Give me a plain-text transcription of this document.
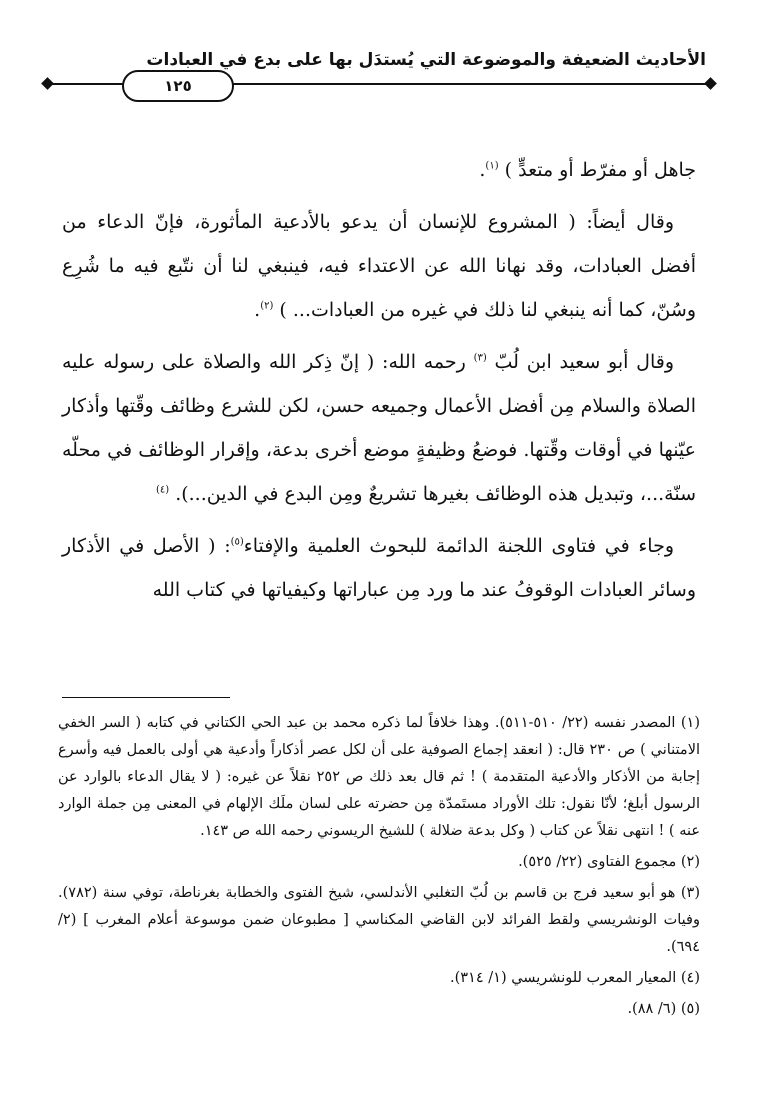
الأحاديث الضعيفة والموضوعة التي يُستدَل بها على بدع في العبادات
١٢٥

جاهل أو مفرّط أو متعدٍّ ) $^{(١)}$.

وقال أيضاً: ( المشروع للإنسان أن يدعو بالأدعية المأثورة، فإنّ الدعاء من أفضل العبادات، وقد نهانا الله عن الاعتداء فيه، فينبغي لنا أن نتّبع فيه ما شُرِع وسُنّ، كما أنه ينبغي لنا ذلك في غيره من العبادات... ) $^{(٢)}$.

وقال أبو سعيد ابن لُبّ $^{(٣)}$ رحمه الله: ( إنّ ذِكر الله والصلاة على رسوله عليه الصلاة والسلام مِن أفضل الأعمال وجميعه حسن، لكن للشرع وظائف وقّتها وأذكار عيّنها في أوقات وقّتها. فوضعُ وظيفةٍ موضع أخرى بدعة، وإقرار الوظائف في محلّه سنّة...، وتبديل هذه الوظائف بغيرها تشريعٌ ومِن البدع في الدين...). $^{(٤)}$

وجاء في فتاوى اللجنة الدائمة للبحوث العلمية والإفتاء$^{(٥)}$: ( الأصل في الأذكار وسائر العبادات الوقوفُ عند ما ورد مِن عباراتها وكيفياتها في كتاب الله

(١) المصدر نفسه (٢٢/ ٥١٠-٥١١). وهذا خلافاً لما ذكره محمد بن عبد الحي الكتاني في كتابه ( السر الخفي الامتناني ) ص ٢٣٠ قال: ( انعقد إجماع الصوفية على أن لكل عصر أذكاراً وأدعية هي أولى بالعمل فيه وأسرع إجابة من الأذكار والأدعية المتقدمة ) ! ثم قال بعد ذلك ص ٢٥٢ نقلاً عن غيره: ( لا يقال الدعاء بالوارد عن الرسول أبلغ؛ لأنّا نقول: تلك الأوراد مستَمدّة مِن حضرته على لسان ملَك الإلهام في المعنى مِن جملة الوارد عنه ) ! انتهى نقلاً عن كتاب ( وكل بدعة ضلالة ) للشيخ الريسوني رحمه الله ص ١٤٣.

(٢) مجموع الفتاوى (٢٢/ ٥٢٥).

(٣) هو أبو سعيد فرج بن قاسم بن لُبّ التغلبي الأندلسي، شيخ الفتوى والخطابة بغرناطة، توفي سنة (٧٨٢). وفيات الونشريسي ولقط الفرائد لابن القاضي المكناسي [ مطبوعان ضمن موسوعة أعلام المغرب ] (٢/ ٦٩٤).

(٤) المعيار المعرب للونشريسي (١/ ٣١٤).

(٥) (٦/ ٨٨).
